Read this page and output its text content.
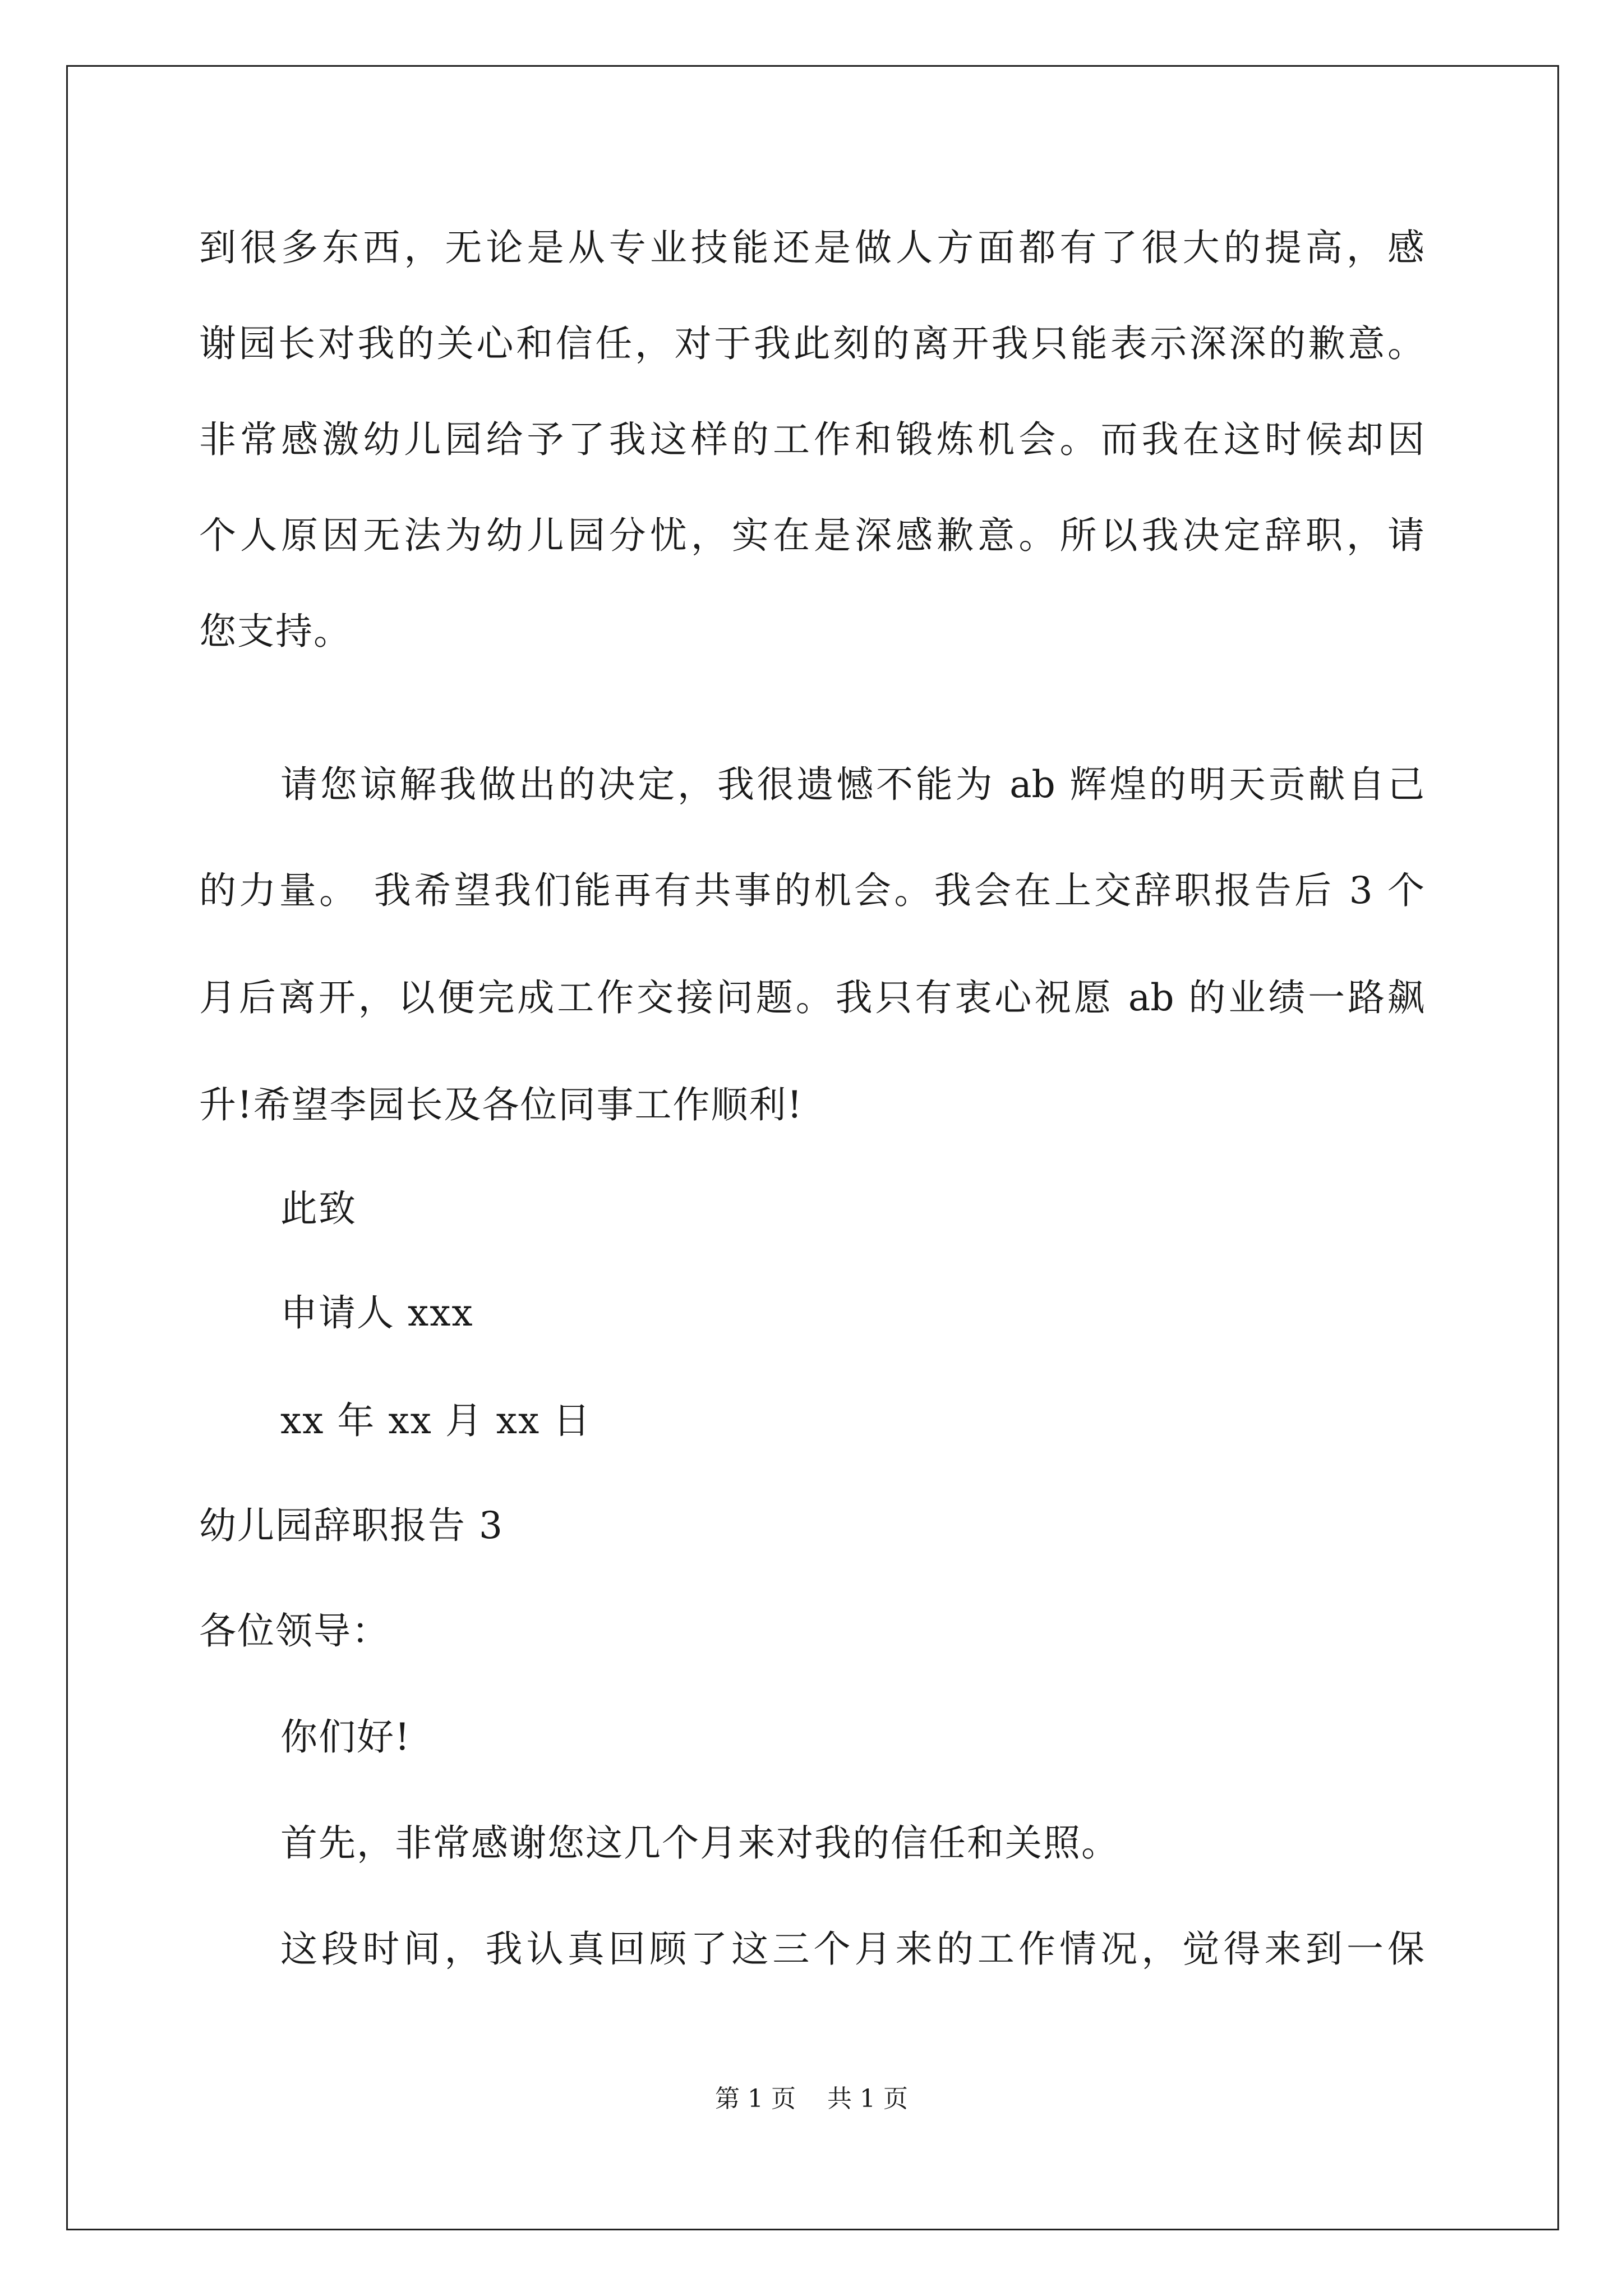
到很多东西，无论是从专业技能还是做人方面都有了很大的提高，感
谢园长对我的关心和信任，对于我此刻的离开我只能表示深深的歉意。
非常感激幼儿园给予了我这样的工作和锻炼机会。而我在这时候却因
个人原因无法为幼儿园分忧，实在是深感歉意。所以我决定辞职，请
您支持。
请您谅解我做出的决定，我很遗憾不能为 ab 辉煌的明天贡献自己
的力量。 我希望我们能再有共事的机会。我会在上交辞职报告后 3 个
月后离开，以便完成工作交接问题。我只有衷心祝愿 ab 的业绩一路飙
升!希望李园长及各位同事工作顺利!
此致
申请人 xxx
xx 年 xx 月 xx 日
幼儿园辞职报告 3
各位领导：
你们好!
首先，非常感谢您这几个月来对我的信任和关照。
这段时间，我认真回顾了这三个月来的工作情况，觉得来到一保
第 1 页 共 1 页
